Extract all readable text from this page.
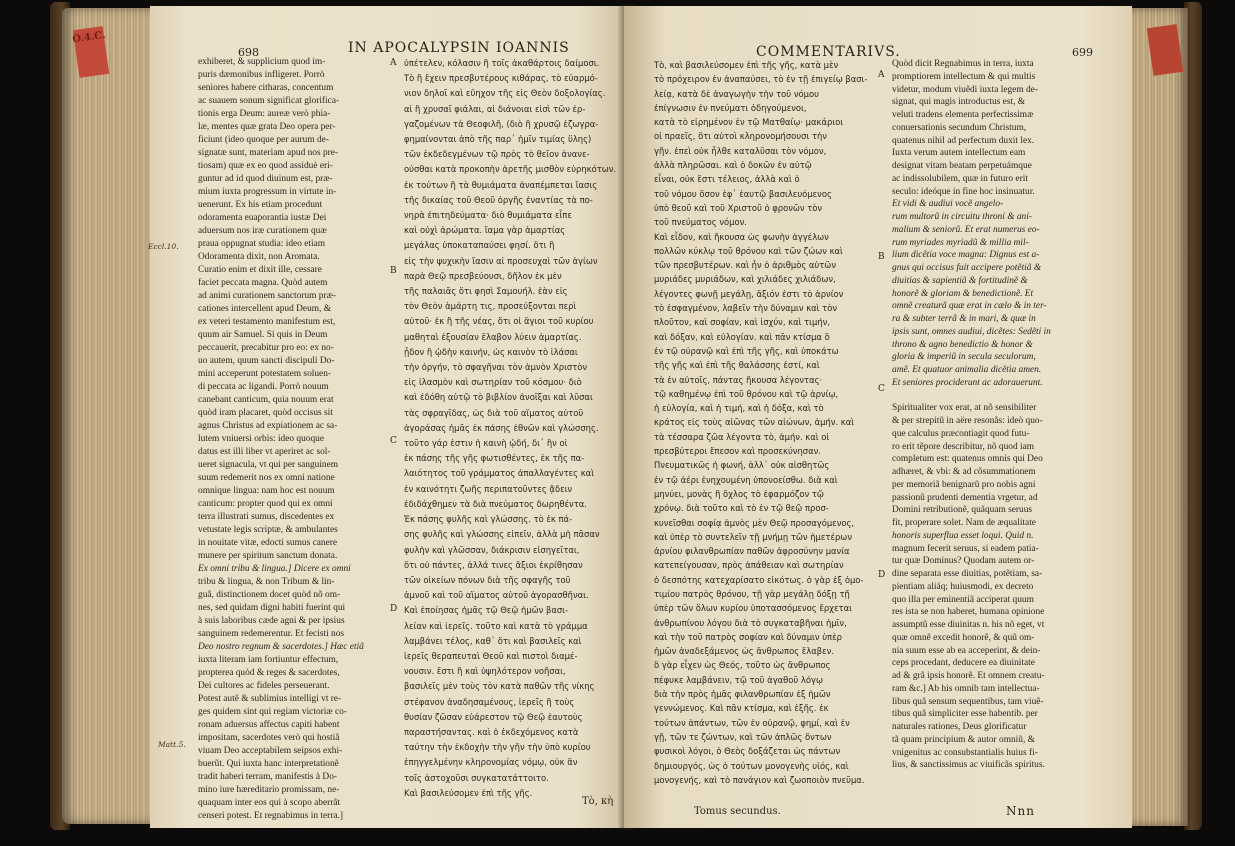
O.4.C.
698	IN APOCALYPSIN IOANNIS
Eccl.10.
Matt.5.
exhiberet, & supplicium quod im-
puris dæmonibus infligeret. Porrò
seniores habere citharas, concentum
ac suauem sonum significat glorifica-
tionis erga Deum: aureæ verò phia-
læ, mentes quæ grata Deo opera per-
ficiunt (ideo quoque per aurum de-
signatæ sunt, materiam apud nos pre-
tiosam) quæ ex eo quod assiduè eri-
guntur ad id quod diuinum est, præ-
mium iuxta progressum in virtute in-
uenerunt. Ex his etiam procedunt
odoramenta euaporantia iustæ Dei
aduersum nos iræ curationem quæ
praua oppugnat studia: ideo etiam
Odoramenta dixit, non Aromata.
Curatio enim et dixit ille, cessare
faciet peccata magna. Quòd autem
ad animi curationem sanctorum præ-
cationes intercellent apud Deum, &
ex veteri testamento manifestum est,
quum air Samuel. Si quis in Deum
peccauerit, precabitur pro eo: ex no-
uo autem, quum sancti discipuli Do-
mini acceperunt potestatem soluen-
di peccata ac ligandi. Porrò nouum
canebant canticum, quia nouum erat
quòd iram placaret, quòd occisus sit
agnus Christus ad expiationem ac sa-
lutem vniuersi orbis: ideo quoque
datus est illi liber vt aperiret ac sol-
ueret signacula, vt qui per sanguinem
suum redemerit nos ex omni natione
omnique lingua: nam hoc est nouum
canticum: propter quod qui ex omni
terra illustrati sumus, discedentes ex
vetustate legis scriptæ, & ambulantes
in nouitate vitæ, edocti sumus canere
munere per spiritum sanctum donata.
Ex omni tribu & lingua.] Dicere ex omni
tribu & lingua, & non Tribum & lin-
guã, distinctionem docet quòd nõ om-
nes, sed quidam digni habiti fuerint qui
à suis laboribus cæde agni & per ipsius
sanguinem redemerentur. Et fecisti nos
Deo nostro regnum & sacerdotes.] Hæc etiã
iuxta literam iam fortiuntur effectum,
propterea quòd & reges & sacerdotes,
Dei cultores ac fideles perseuerant.
Potest autẽ & sublimius intelligi vt re-
ges quidem sint qui regiam victoriæ co-
ronam aduersus affectus capiti habent
impositam, sacerdotes verò qui hostiã
viuam Deo acceptabilem seipsos exhi-
buerũt. Qui iuxta hanc interpretationẽ
tradit haberi terram, manifestis à Do-
mino iure hæreditario promissam, ne-
quaquam inter eos qui à scopo aberrãt
censeri potest. Et regnabimus in terra.]
A
B
C
D
ὑπέτελεν, κόλασιν ἢ τοῖς ἀκαθάρτοις δαίμοσι.
Τὸ ἢ ἔχειν πρεσβυτέρους κιθάρας, τὸ εὐαρμό-
νιον δηλοῖ καὶ εὔηχον τῆς εἰς Θεὸν δοξολογίας.
αἱ ἢ χρυσαῖ φιάλαι, αἱ διάνοιαι εἰσὶ τῶν ἐρ-
γαζομένων τὰ Θεοφιλῆ, (διὸ ἢ χρυσῷ ἐζωγρα-
φημαίνονται ἀπὸ τῆς παρ᾽ ἡμῖν τιμίας ὕλης)
τῶν ἐκδεδεγμένων τῷ πρὸς τὸ θεῖον ἀνανε-
ούσθαι κατὰ προκοπὴν ἀρετῆς μισθὸν εὑρηκότων.
ἐκ τούτων ἢ τὰ θυμιάματα ἀναπέμπεται ἴασις
τῆς δικαίας τοῦ Θεοῦ ὀργῆς ἐναντίας τὰ πο-
νηρὰ ἐπιτηδεύματα· διὸ θυμιάματα εἶπε
καὶ οὐχὶ ἀρώματα. ἴαμα γὰρ ἀμαρτίας
μεγάλας ὑποκαταπαύσει φησί. ὅτι ἢ
εἰς τὴν ψυχικὴν ἴασιν αἱ προσευχαὶ τῶν ἁγίων
παρὰ Θεῷ πρεσβεύουσι, δῆλον ἐκ μὲν
τῆς παλαιᾶς ὅτι φησὶ Σαμουήλ. ἐὰν εἰς
τὸν Θεὸν ἁμάρτη τις, προσεύξονται περὶ
αὐτοῦ· ἐκ ἢ τῆς νέας, ὅτι οἱ ἅγιοι τοῦ κυρίου
μαθηταὶ ἐξουσίαν ἔλαβον λύειν ἁμαρτίας.
ᾖδον ἢ ᾠδὴν καινήν, ὡς καινὸν τὸ ἱλάσαι
τὴν ὀργήν, τὸ σφαγῆναι τὸν ἀμνὸν Χριστὸν
εἰς ἱλασμὸν καὶ σωτηρίαν τοῦ κόσμου· διὸ
καὶ ἐδόθη αὐτῷ τὸ βιβλίον ἀνοῖξαι καὶ λῦσαι
τὰς σφραγῖδας, ὡς διὰ τοῦ αἵματος αὐτοῦ
ἀγοράσας ἡμᾶς ἐκ πάσης ἐθνῶν καὶ γλώσσης.
τοῦτο γάρ ἐστιν ἡ καινὴ ᾠδή, δι᾽ ἣν οἱ
ἐκ πάσης τῆς γῆς φωτισθέντες, ἐκ τῆς πα-
λαιότητος τοῦ γράμματος ἀπαλλαγέντες καὶ
ἐν καινότητι ζωῆς περιπατοῦντες ᾄδειν
ἐδιδάχθημεν τὰ διὰ πνεύματος δωρηθέντα.
Ἐκ πάσης φυλῆς καὶ γλώσσης. τὸ ἐκ πά-
σης φυλῆς καὶ γλώσσης εἰπεῖν, ἀλλὰ μὴ πᾶσαν
φυλὴν καὶ γλῶσσαν, διάκρισιν εἰσηγεῖται,
ὅτι οὐ πάντες, ἀλλά τινες ἄξιοι ἐκρίθησαν
τῶν οἰκείων πόνων διὰ τῆς σφαγῆς τοῦ
ἀμνοῦ καὶ τοῦ αἵματος αὐτοῦ ἀγορασθῆναι.
Καὶ ἐποίησας ἡμᾶς τῷ Θεῷ ἡμῶν βασι-
λείαν καὶ ἱερεῖς. τοῦτο καὶ κατὰ τὸ γράμμα
λαμβάνει τέλος, καθ᾽ ὅτι καὶ βασιλεῖς καὶ
ἱερεῖς θεραπευταὶ Θεοῦ καὶ πιστοὶ διαμέ-
νουσιν. ἔστι ἢ καὶ ὑψηλότερον νοῆσαι,
βασιλεῖς μὲν τοὺς τὸν κατὰ παθῶν τῆς νίκης
στέφανον ἀναδησαμένους, ἱερεῖς ἢ τοὺς
θυσίαν ζῶσαν εὐάρεστον τῷ Θεῷ ἑαυτοὺς
παραστήσαντας. καὶ ὁ ἐκδεχόμενος κατὰ
ταύτην τὴν ἐκδοχὴν τὴν γῆν τὴν ὑπὸ κυρίου
ἐπηγγελμένην κληρονομίας νόμῳ, οὐκ ἂν
τοῖς ἀστοχοῦσι συγκατατάττοιτο.
Καὶ βασιλεύσομεν ἐπὶ τῆς γῆς.
Τὸ, κὴ
COMMENTARIVS.	699
Τὸ, καὶ βασιλεύσομεν ἐπὶ τῆς γῆς, κατὰ μὲν
τὸ πρόχειρον ἐν ἀναπαύσει, τὸ ἐν τῇ ἐπιγείῳ βασι-
λείᾳ, κατὰ δὲ ἀναγωγὴν τὴν τοῦ νόμου
ἐπίγνωσιν ἐν πνεύματι ὁδηγούμενοι,
κατὰ τὸ εἰρημένον ἐν τῷ Ματθαίῳ· μακάριοι
οἱ πραεῖς, ὅτι αὐτοὶ κληρονομήσουσι τὴν
γῆν. ἐπεὶ οὐκ ἦλθε καταλῦσαι τὸν νόμον,
ἀλλὰ πληρῶσαι. καὶ ὁ δοκῶν ἐν αὐτῷ
εἶναι, οὐκ ἔστι τέλειος, ἀλλὰ καὶ ὁ
τοῦ νόμου ὅσον ἐφ᾽ ἑαυτῷ βασιλευόμενος
ὑπὸ θεοῦ καὶ τοῦ Χριστοῦ ὁ φρονῶν τὸν
τοῦ πνεύματος νόμον.
Καὶ εἶδον, καὶ ἤκουσα ὡς φωνὴν ἀγγέλων
πολλῶν κύκλῳ τοῦ θρόνου καὶ τῶν ζώων καὶ
τῶν πρεσβυτέρων. καὶ ἦν ὁ ἀριθμὸς αὐτῶν
μυριάδες μυριάδων, καὶ χιλιάδες χιλιάδων,
λέγοντες φωνῇ μεγάλῃ, ἄξιόν ἐστι τὸ ἀρνίον
τὸ ἐσφαγμένον, λαβεῖν τὴν δύναμιν καὶ τὸν
πλοῦτον, καὶ σοφίαν, καὶ ἰσχύν, καὶ τιμήν,
καὶ δόξαν, καὶ εὐλογίαν. καὶ πᾶν κτίσμα ὃ
ἐν τῷ οὐρανῷ καὶ ἐπὶ τῆς γῆς, καὶ ὑποκάτω
τῆς γῆς καὶ ἐπὶ τῆς θαλάσσης ἐστί, καὶ
τὰ ἐν αὐτοῖς, πάντας ἤκουσα λέγοντας·
τῷ καθημένῳ ἐπὶ τοῦ θρόνου καὶ τῷ ἀρνίῳ,
ἡ εὐλογία, καὶ ἡ τιμή, καὶ ἡ δόξα, καὶ τὸ
κράτος εἰς τοὺς αἰῶνας τῶν αἰώνων, ἀμήν. καὶ
τὰ τέσσαρα ζῶα λέγοντα τὸ, ἀμήν. καὶ οἱ
πρεσβύτεροι ἔπεσον καὶ προσεκύνησαν.
Πνευματικῶς ἡ φωνή, ἀλλ᾽ οὐκ αἰσθητῶς
ἐν τῷ ἀέρι ἐνηχουμένη ὑπονοείσθω. διὰ καὶ
μηνύει, μονὰς ἢ ὄχλος τὸ ἐφαρμόζον τῷ
χρόνῳ. διὰ τοῦτο καὶ τὸ ἐν τῷ θεῷ προσ-
κυνεῖσθαι σοφίᾳ ἀμνὸς μὲν Θεῷ προσαγόμενος,
καὶ ὑπὲρ τὸ συντελεῖν τῇ μνήμῃ τῶν ἡμετέρων
ἀρνίου φιλανθρωπίαν παθῶν ἀφροσύνην μανία
κατεπείγουσαν, πρὸς ἀπάθειαν καὶ σωτηρίαν
ὁ δεσπότης κατεχαρίσατο εἰκότως. ὁ γὰρ ἐξ ὁμο-
τιμίου πατρὸς θρόνου, τῇ γὰρ μεγάλῃ δόξῃ τῇ
ὑπὲρ τῶν ὅλων κυρίου ὑποτασσόμενος ἔρχεται
ἀνθρωπίνου λόγου διὰ τὸ συγκαταβῆναι ἡμῖν,
καὶ τὴν τοῦ πατρὸς σοφίαν καὶ δύναμιν ὑπὲρ
ἡμῶν ἀναδεξάμενος ὡς ἄνθρωπος ἔλαβεν.
ὃ γὰρ εἶχεν ὡς Θεός, τοῦτο ὡς ἄνθρωπος
πέφυκε λαμβάνειν, τῷ τοῦ ἀγαθοῦ λόγῳ
διὰ τὴν πρὸς ἡμᾶς φιλανθρωπίαν ἐξ ἡμῶν
γεννώμενος. Καὶ πᾶν κτίσμα, καὶ ἑξῆς. ἐκ
τούτων ἁπάντων, τῶν ἐν οὐρανῷ, φημί, καὶ ἐν
γῇ, τῶν τε ζώντων, καὶ τῶν ἀπλῶς ὄντων
φυσικοὶ λόγοι, ὁ Θεὸς δοξάζεται ὡς πάντων
δημιουργός, ὡς ὁ τούτων μονογενὴς υἱός, καὶ
μονογενής, καὶ τὸ πανάγιον καὶ ζωοποιὸν πνεῦμα.
A
B
C
D
Quòd dicit Regnabimus in terra, iuxta
promptiorem intellectum & qui multis
videtur, modum viuẽdi iuxta legem de-
signat, qui magis introductus est, &
veluti tradens elementa perfectissimæ
conuersationis secundum Christum,
quatenus nihil ad perfectum duxit lex.
Iuxta verum autem intellectum eam
designat vitam beatam perpetuámque
ac indissolubilem, quæ in futuro erit
seculo: ideóque in fine hoc insinuatur.
Et vidi & audiui vocẽ angelo-
rum multorũ in circuitu throni & ani-
malium & seniorũ. Et erat numerus eo-
rum myriades myriadũ & millia mil-
lium dicẽtia voce magna: Dignus est a-
gnus qui occisus fuit accipere potẽtiã &
diuitias & sapientiã & fortitudinẽ &
honorẽ & gloriam & benedictionẽ. Et
omnẽ creaturã quæ erat in cælo & in ter-
ra & subter terrã & in mari, & quæ in
ipsis sunt, omnes audiui, dicẽtes: Sedẽti in
throno & agno benedictio & honor &
gloria & imperiũ in secula seculorum,
amẽ. Et quatuor animalia dicẽtia amen.
Et seniores prociderunt ac adorauerunt.

Spiritualiter vox erat, at nõ sensibiliter
& per strepitũ in aëre resonãs: ideò quo-
que calculus præcontiagit quod futu-
ro erit tẽpore describitur, nõ quod iam
completum est: quatenus omnis qui Deo
adhæret, & vbi: & ad cõsummationem
per memoriã benignarũ pro nobis agni
passionũ prudenti dementia vrgetur, ad
Domini retributionẽ, quãquam seruus
fit, properare solet. Nam de æqualitate
honoris superflua esset loqui. Quid n.
magnum fecerit seruus, si eadem patia-
tur quæ Dominus? Quodam autem or-
dine separata esse diuitias, potẽtiam, sa-
pientiam aliáq; huiusmodi, ex decreto
quo illa per eminentiã acciperat quum
res ista se non haberet, humana opinione
assumptũ esse diuinitas n. his nõ eget, vt
quæ omnẽ excedit honorẽ, & quũ om-
nia suum esse ab ea acceperint, & dein-
ceps procedant, deducere ea diuinitate
ad & grã ipsis honorẽ. Et omnem creatu-
ram &c.] Ab his omnib tam intellectua-
libus quã sensum sequentibus, tam viuẽ-
tibus quã simpliciter esse habentib. per
naturales rationes, Deus glorificatur
tã quam principium & autor omniũ, &
vnigenitus ac consubstantialis huius fi-
lius, & sanctissimus ac viuificãs spiritus.
Tomus secundus.	Nnn
